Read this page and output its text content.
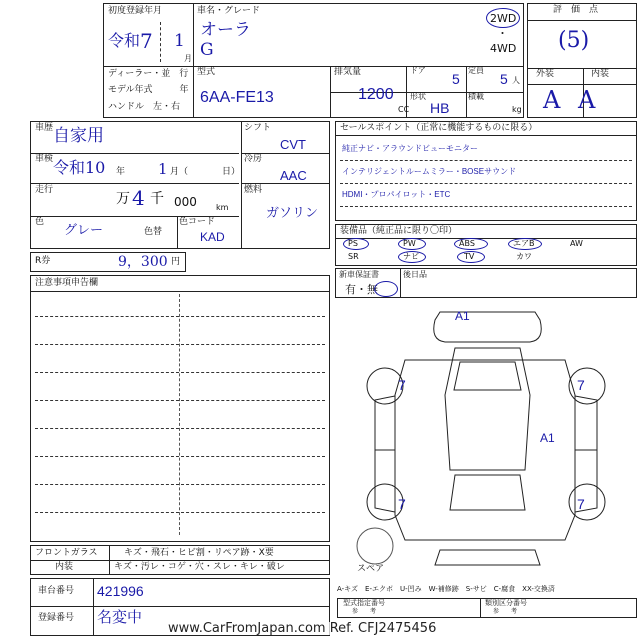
初度登録年月
令和 7 1
月
車名・グレード
オーラ
G
2WD
・
4WD
ディーラー・並　行
モデル年式　　　年
ハンドル　左・右
型式
6AA-FE13
排気量
1200
CC
ドア
5
定員
5 人
形状
HB
積載
kg
評　価　点
(5)
外装	内装
A A
車歴 自家用
車検 令和10 年 1 月（	日）
走行
万 4 千 000 km
色
グレー	色替
色コード
KAD
シフト
CVT
冷房
AAC
燃料
ガソリン
R券	9，300 円
注意事項申告欄
セールスポイント（正常に機能するものに限る）
純正ナビ・アラウンドビューモニター
インテリジェントルームミラー・BOSEサウンド
HDMI・プロパイロット・ETC
装備品（純正品に限り〇印）
PS	PW	ABS	エアB	AW
SR	ナビ	TV	カワ
新車保証書
有・無
後日品
A1
A1
7	7
7	7
スペア
フロントガラス	キズ・飛石・ヒビ割・リペア跡・X要
内装	キズ・汚レ・コゲ・穴・スレ・キレ・破レ
車台番号 421996
登録番号 名変中
A-キズ　E-エクボ　U-凹み　W-補修跡　S-サビ　C-腐食　XX-交換済
型式指定番号
参　　考
類別区分番号
参　　考
www.CarFromJapan.com Ref. CFJ2475456
